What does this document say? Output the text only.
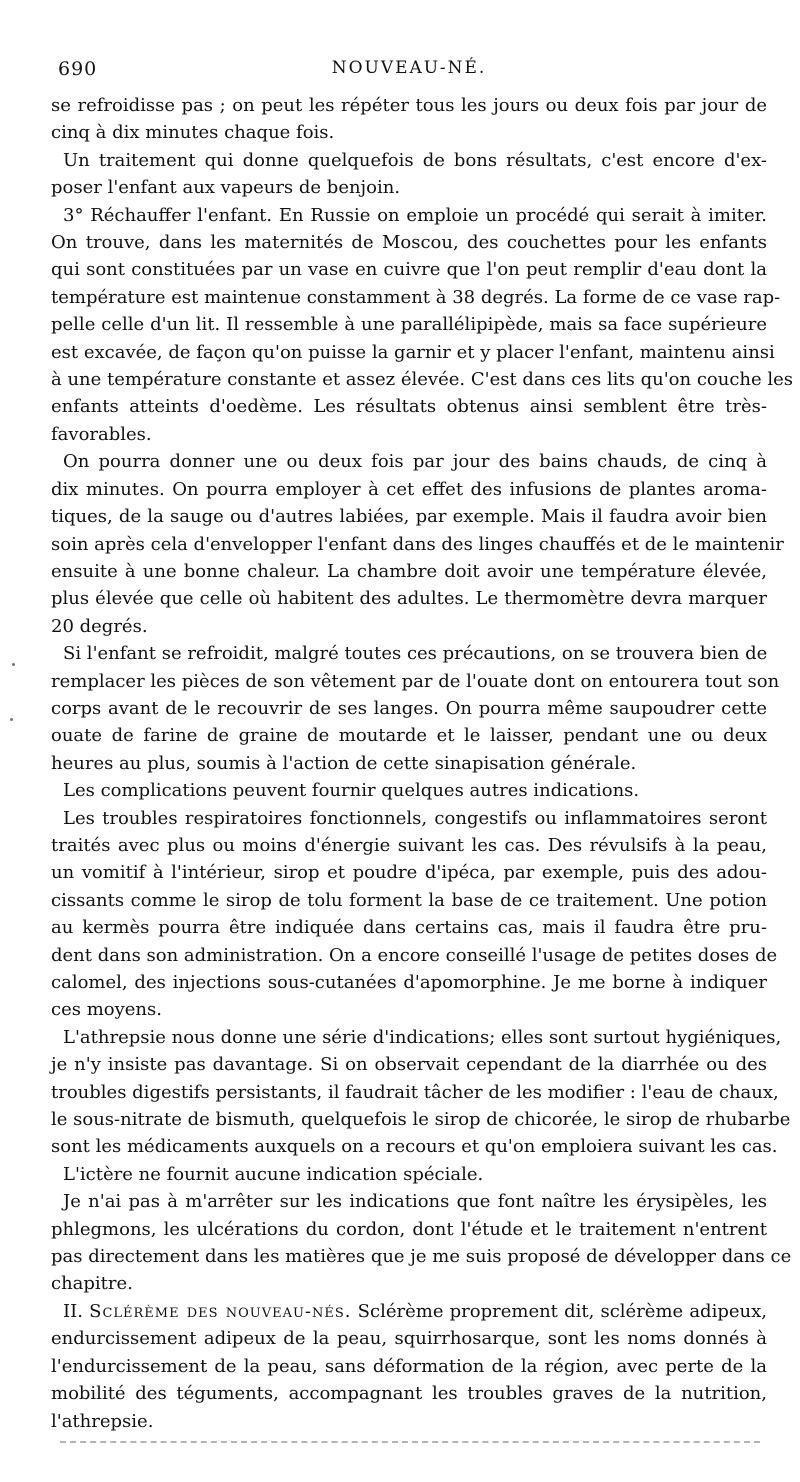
690	NOUVEAU-NÉ.

se refroidisse pas ; on peut les répéter tous les jours ou deux fois par jour de
cinq à dix minutes chaque fois.

Un traitement qui donne quelquefois de bons résultats, c'est encore d'ex-
poser l'enfant aux vapeurs de benjoin.

3° Réchauffer l'enfant. En Russie on emploie un procédé qui serait à imiter.
On trouve, dans les maternités de Moscou, des couchettes pour les enfants
qui sont constituées par un vase en cuivre que l'on peut remplir d'eau dont la
température est maintenue constamment à 38 degrés. La forme de ce vase rap-
pelle celle d'un lit. Il ressemble à une parallélipipède, mais sa face supérieure
est excavée, de façon qu'on puisse la garnir et y placer l'enfant, maintenu ainsi
à une température constante et assez élevée. C'est dans ces lits qu'on couche les
enfants atteints d'oedème. Les résultats obtenus ainsi semblent être très-
favorables.

On pourra donner une ou deux fois par jour des bains chauds, de cinq à
dix minutes. On pourra employer à cet effet des infusions de plantes aroma-
tiques, de la sauge ou d'autres labiées, par exemple. Mais il faudra avoir bien
soin après cela d'envelopper l'enfant dans des linges chauffés et de le maintenir
ensuite à une bonne chaleur. La chambre doit avoir une température élevée,
plus élevée que celle où habitent des adultes. Le thermomètre devra marquer
20 degrés.

Si l'enfant se refroidit, malgré toutes ces précautions, on se trouvera bien de
remplacer les pièces de son vêtement par de l'ouate dont on entourera tout son
corps avant de le recouvrir de ses langes. On pourra même saupoudrer cette
ouate de farine de graine de moutarde et le laisser, pendant une ou deux
heures au plus, soumis à l'action de cette sinapisation générale.

Les complications peuvent fournir quelques autres indications.

Les troubles respiratoires fonctionnels, congestifs ou inflammatoires seront
traités avec plus ou moins d'énergie suivant les cas. Des révulsifs à la peau,
un vomitif à l'intérieur, sirop et poudre d'ipéca, par exemple, puis des adou-
cissants comme le sirop de tolu forment la base de ce traitement. Une potion
au kermès pourra être indiquée dans certains cas, mais il faudra être pru-
dent dans son administration. On a encore conseillé l'usage de petites doses de
calomel, des injections sous-cutanées d'apomorphine. Je me borne à indiquer
ces moyens.

L'athrepsie nous donne une série d'indications; elles sont surtout hygiéniques,
je n'y insiste pas davantage. Si on observait cependant de la diarrhée ou des
troubles digestifs persistants, il faudrait tâcher de les modifier : l'eau de chaux,
le sous-nitrate de bismuth, quelquefois le sirop de chicorée, le sirop de rhubarbe
sont les médicaments auxquels on a recours et qu'on emploiera suivant les cas.

L'ictère ne fournit aucune indication spéciale.

Je n'ai pas à m'arrêter sur les indications que font naître les érysipèles, les
phlegmons, les ulcérations du cordon, dont l'étude et le traitement n'entrent
pas directement dans les matières que je me suis proposé de développer dans ce
chapitre.

II. Sclérème des nouveau-nés. Sclérème proprement dit, sclérème adipeux,
endurcissement adipeux de la peau, squirrhosarque, sont les noms donnés à
l'endurcissement de la peau, sans déformation de la région, avec perte de la
mobilité des téguments, accompagnant les troubles graves de la nutrition,
l'athrepsie.
